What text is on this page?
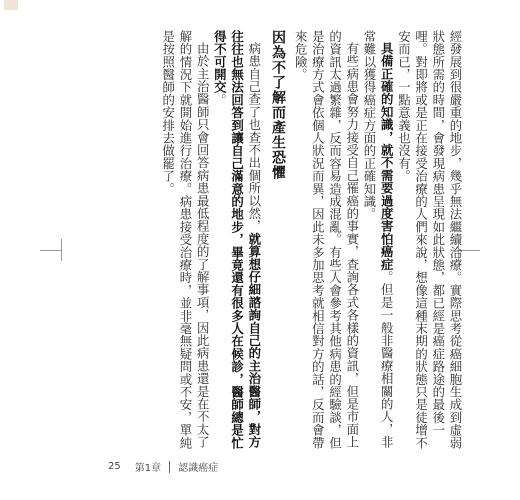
經發展到很嚴重的地步，幾乎無法繼續治療。實際思考從癌細胞生成到虛弱狀態所需的時間，會發現病患呈現如此狀態，都已經是癌症路途的最後一哩。對即將或是正在接受治療的人們來說，想像這種末期的狀態只是徒增不安而已，一點意義也沒有。

具備正確的知識，就不需要過度害怕癌症。但是一般非醫療相關的人，非常難以獲得癌症方面的正確知識。

有些病患會努力接受自己罹癌的事實，查詢各式各樣的資訊，但是市面上的資訊太過繁雜，反而容易造成混亂。有些人會參考其他病患的經驗談，但是治療方式會依個人狀況而異，因此未多加思考就相信對方的話，反而會帶來危險。

因為不了解而產生恐懼

病患自己查了也查不出個所以然，就算想仔細諮詢自己的主治醫師，對方往往也無法回答到讓自己滿意的地步，畢竟還有很多人在候診，醫師總是忙得不可開交。

由於主治醫師只會回答病患最低程度的了解事項，因此病患還是在不太了解的情況下就開始進行治療。病患接受治療時，並非毫無疑問或不安，單純是按照醫師的安排去做罷了。

25 第1章 認識癌症
